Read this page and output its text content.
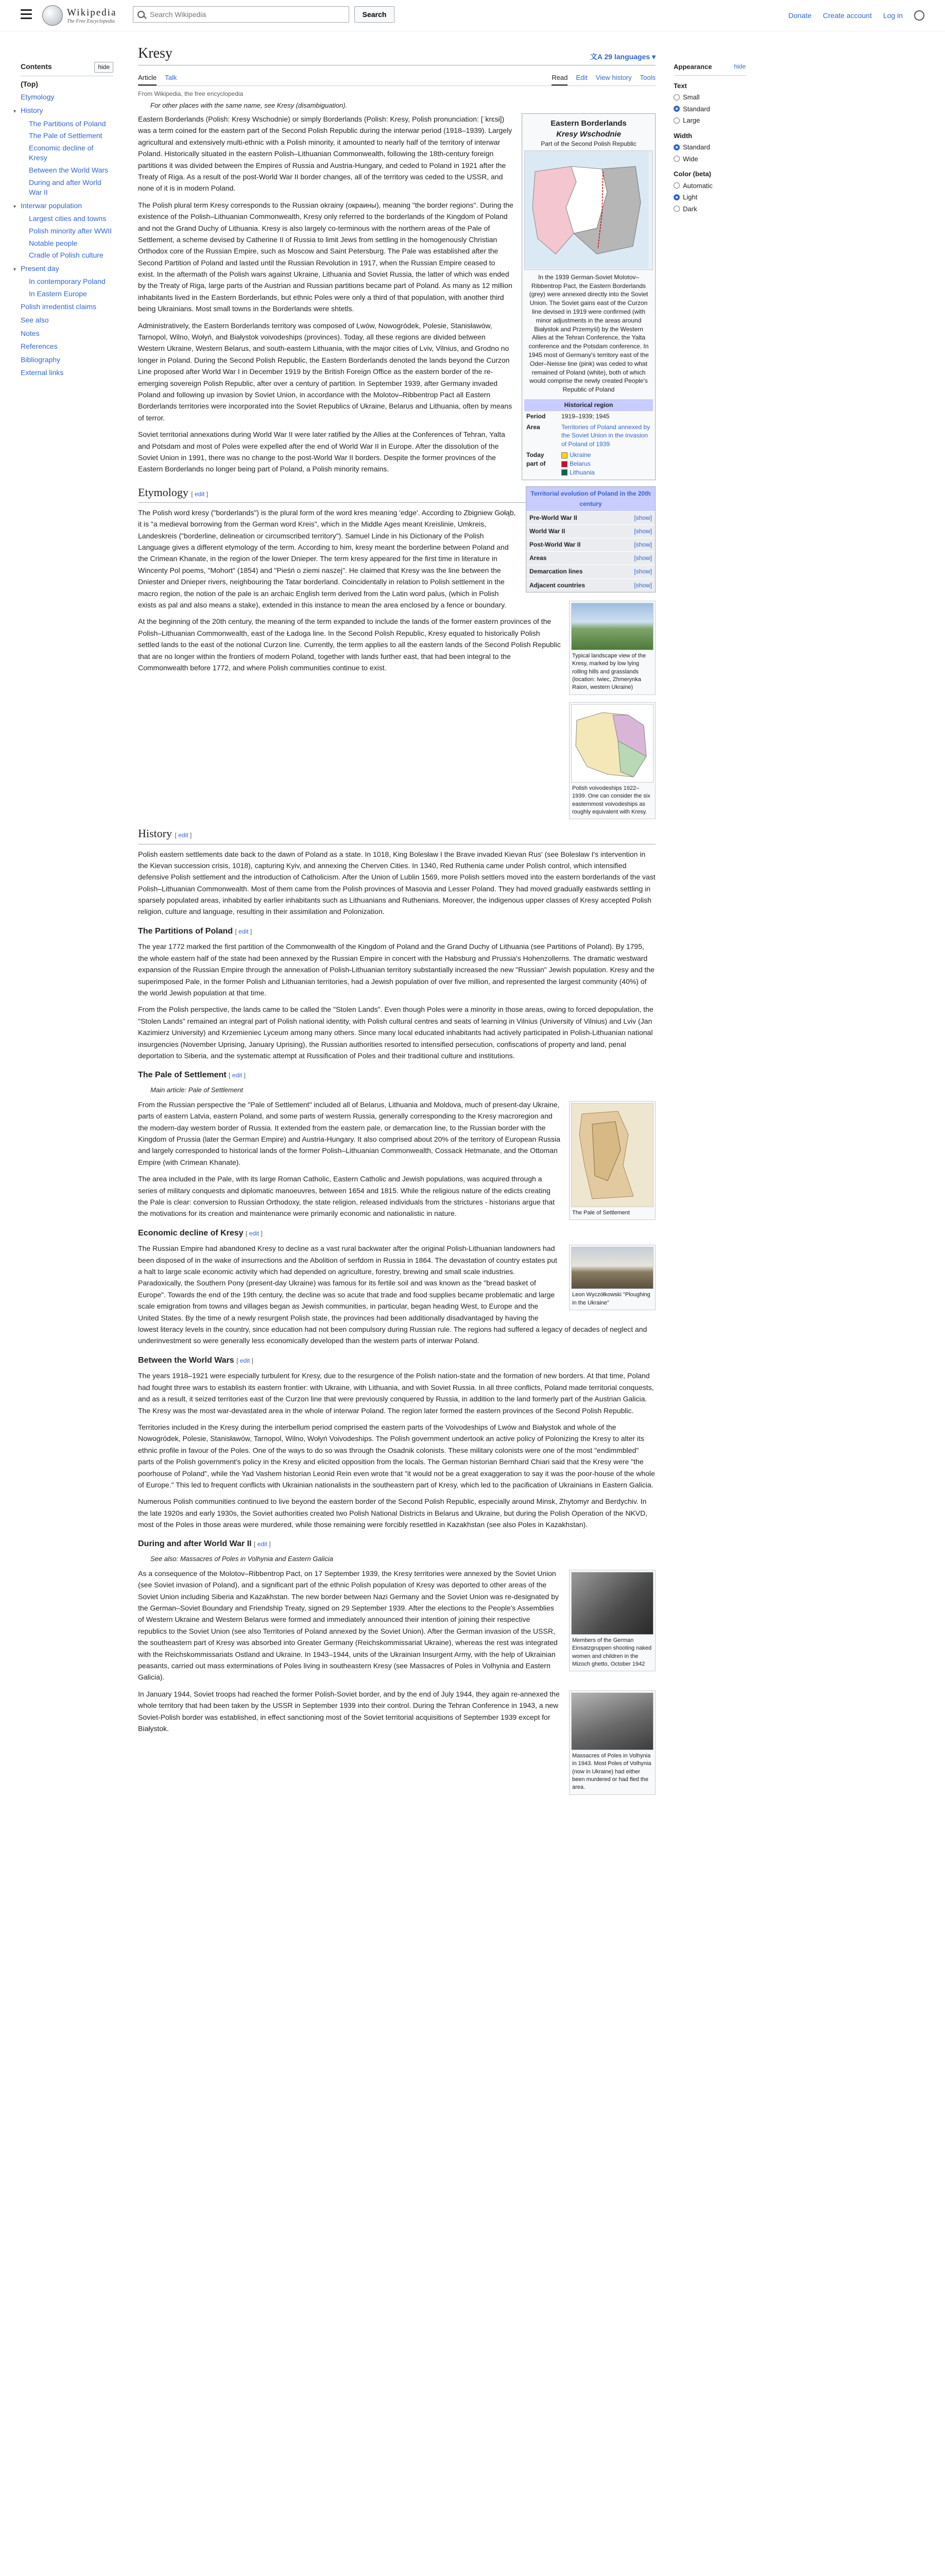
Wikipedia
The Free Encyclopedia
Search Wikipedia
Search	Donate Create account Log in
Contents	hide
(Top)
Etymology
▾ History
The Partitions of Poland
The Pale of Settlement
Economic decline of Kresy
Between the World Wars
During and after World War II
▾ Interwar population
Largest cities and towns
Polish minority after WWII
Notable people
Cradle of Polish culture
▾ Present day
In contemporary Poland
In Eastern Europe
Polish irredentist claims
See also
Notes
References
Bibliography
External links
Kresy	文A 29 languages ▾
Article Talk	Read Edit View history Tools
From Wikipedia, the free encyclopedia
For other places with the same name, see Kresy (disambiguation).
Eastern Borderlands
Kresy Wschodnie
Part of the Second Polish Republic
In the 1939 German-Soviet Molotov–Ribbentrop Pact, the Eastern Borderlands (grey) were annexed directly into the Soviet Union. The Soviet gains east of the Curzon line devised in 1919 were confirmed (with minor adjustments in the areas around Białystok and Przemyśl) by the Western Allies at the Tehran Conference, the Yalta conference and the Potsdam conference. In 1945 most of Germany's territory east of the Oder–Neisse line (pink) was ceded to what remained of Poland (white), both of which would comprise the newly created People's Republic of Poland
Historical region
Period	1919–1939; 1945
Area	Territories of Poland annexed by the Soviet Union in the invasion of Poland of 1939
Today part of	Ukraine
Belarus
Lithuania
Territorial evolution of Poland in the 20th century
Pre-World War II	[show]
World War II	[show]
Post-World War II	[show]
Areas	[show]
Demarcation lines	[show]
Adjacent countries	[show]

Eastern Borderlands (Polish: Kresy Wschodnie) or simply Borderlands (Polish: Kresy, Polish pronunciation: [ˈkrɛsɨ]) was a term coined for the eastern part of the Second Polish Republic during the interwar period (1918–1939). Largely agricultural and extensively multi-ethnic with a Polish minority, it amounted to nearly half of the territory of interwar Poland. Historically situated in the eastern Polish–Lithuanian Commonwealth, following the 18th-century foreign partitions it was divided between the Empires of Russia and Austria-Hungary, and ceded to Poland in 1921 after the Treaty of Riga. As a result of the post-World War II border changes, all of the territory was ceded to the USSR, and none of it is in modern Poland.

The Polish plural term Kresy corresponds to the Russian okrainy (окраины), meaning "the border regions". During the existence of the Polish–Lithuanian Commonwealth, Kresy only referred to the borderlands of the Kingdom of Poland and not the Grand Duchy of Lithuania. Kresy is also largely co-terminous with the northern areas of the Pale of Settlement, a scheme devised by Catherine II of Russia to limit Jews from settling in the homogenously Christian Orthodox core of the Russian Empire, such as Moscow and Saint Petersburg. The Pale was established after the Second Partition of Poland and lasted until the Russian Revolution in 1917, when the Russian Empire ceased to exist. In the aftermath of the Polish wars against Ukraine, Lithuania and Soviet Russia, the latter of which was ended by the Treaty of Riga, large parts of the Austrian and Russian partitions became part of Poland. As many as 12 million inhabitants lived in the Eastern Borderlands, but ethnic Poles were only a third of that population, with another third being Ukrainians. Most small towns in the Borderlands were shtetls.

Administratively, the Eastern Borderlands territory was composed of Lwów, Nowogródek, Polesie, Stanisławów, Tarnopol, Wilno, Wołyń, and Białystok voivodeships (provinces). Today, all these regions are divided between Western Ukraine, Western Belarus, and south-eastern Lithuania, with the major cities of Lviv, Vilnius, and Grodno no longer in Poland. During the Second Polish Republic, the Eastern Borderlands denoted the lands beyond the Curzon Line proposed after World War I in December 1919 by the British Foreign Office as the eastern border of the re-emerging sovereign Polish Republic, after over a century of partition. In September 1939, after Germany invaded Poland and following up invasion by Soviet Union, in accordance with the Molotov–Ribbentrop Pact all Eastern Borderlands territories were incorporated into the Soviet Republics of Ukraine, Belarus and Lithuania, often by means of terror.

Soviet territorial annexations during World War II were later ratified by the Allies at the Conferences of Tehran, Yalta and Potsdam and most of Poles were expelled after the end of World War II in Europe. After the dissolution of the Soviet Union in 1991, there was no change to the post-World War II borders. Despite the former provinces of the Eastern Borderlands no longer being part of Poland, a Polish minority remains.

Etymology [ edit ]
Typical landscape view of the Kresy, marked by low lying rolling hills and grasslands (location: Iwiec, Zhmerynka Raion, western Ukraine)

The Polish word kresy ("borderlands") is the plural form of the word kres meaning 'edge'. According to Zbigniew Gołąb, it is "a medieval borrowing from the German word Kreis", which in the Middle Ages meant Kreislinie, Umkreis, Landeskreis ("borderline, delineation or circumscribed territory"). Samuel Linde in his Dictionary of the Polish Language gives a different etymology of the term. According to him, kresy meant the borderline between Poland and the Crimean Khanate, in the region of the lower Dnieper. The term kresy appeared for the first time in literature in Wincenty Pol poems, "Mohort" (1854) and "Pieśń o ziemi naszej". He claimed that Kresy was the line between the Dniester and Dnieper rivers, neighbouring the Tatar borderland. Coincidentally in relation to Polish settlement in the macro region, the notion of the pale is an archaic English term derived from the Latin word palus, (which in Polish exists as pal and also means a stake), extended in this instance to mean the area enclosed by a fence or boundary.

Polish voivodeships 1922–1939. One can consider the six easternmost voivodeships as roughly equivalent with Kresy.

At the beginning of the 20th century, the meaning of the term expanded to include the lands of the former eastern provinces of the Polish–Lithuanian Commonwealth, east of the Ładoga line. In the Second Polish Republic, Kresy equated to historically Polish settled lands to the east of the notional Curzon line. Currently, the term applies to all the eastern lands of the Second Polish Republic that are no longer within the frontiers of modern Poland, together with lands further east, that had been integral to the Commonwealth before 1772, and where Polish communities continue to exist.

History [ edit ]

Polish eastern settlements date back to the dawn of Poland as a state. In 1018, King Bolesław I the Brave invaded Kievan Rus' (see Bolesław I's intervention in the Kievan succession crisis, 1018), capturing Kyiv, and annexing the Cherven Cities. In 1340, Red Ruthenia came under Polish control, which intensified defensive Polish settlement and the introduction of Catholicism. After the Union of Lublin 1569, more Polish settlers moved into the eastern borderlands of the vast Polish–Lithuanian Commonwealth. Most of them came from the Polish provinces of Masovia and Lesser Poland. They had moved gradually eastwards settling in sparsely populated areas, inhabited by earlier inhabitants such as Lithuanians and Ruthenians. Moreover, the indigenous upper classes of Kresy accepted Polish religion, culture and language, resulting in their assimilation and Polonization.

The Partitions of Poland [ edit ]

The year 1772 marked the first partition of the Commonwealth of the Kingdom of Poland and the Grand Duchy of Lithuania (see Partitions of Poland). By 1795, the whole eastern half of the state had been annexed by the Russian Empire in concert with the Habsburg and Prussia's Hohenzollerns. The dramatic westward expansion of the Russian Empire through the annexation of Polish-Lithuanian territory substantially increased the new "Russian" Jewish population. Kresy and the superimposed Pale, in the former Polish and Lithuanian territories, had a Jewish population of over five million, and represented the largest community (40%) of the world Jewish population at that time.

From the Polish perspective, the lands came to be called the "Stolen Lands". Even though Poles were a minority in those areas, owing to forced depopulation, the "Stolen Lands" remained an integral part of Polish national identity, with Polish cultural centres and seats of learning in Vilnius (University of Vilnius) and Lviv (Jan Kazimierz University) and Krzemieniec Lyceum among many others. Since many local educated inhabitants had actively participated in Polish-Lithuanian national insurgencies (November Uprising, January Uprising), the Russian authorities resorted to intensified persecution, confiscations of property and land, penal deportation to Siberia, and the systematic attempt at Russification of Poles and their traditional culture and institutions.

The Pale of Settlement [ edit ]
Main article: Pale of Settlement
The Pale of Settlement

From the Russian perspective the "Pale of Settlement" included all of Belarus, Lithuania and Moldova, much of present-day Ukraine, parts of eastern Latvia, eastern Poland, and some parts of western Russia, generally corresponding to the Kresy macroregion and the modern-day western border of Russia. It extended from the eastern pale, or demarcation line, to the Russian border with the Kingdom of Prussia (later the German Empire) and Austria-Hungary. It also comprised about 20% of the territory of European Russia and largely corresponded to historical lands of the former Polish–Lithuanian Commonwealth, Cossack Hetmanate, and the Ottoman Empire (with Crimean Khanate).

The area included in the Pale, with its large Roman Catholic, Eastern Catholic and Jewish populations, was acquired through a series of military conquests and diplomatic manoeuvres, between 1654 and 1815. While the religious nature of the edicts creating the Pale is clear: conversion to Russian Orthodoxy, the state religion, released individuals from the strictures - historians argue that the motivations for its creation and maintenance were primarily economic and nationalistic in nature.

Economic decline of Kresy [ edit ]
Leon Wyczółkowski "Ploughing in the Ukraine"

The Russian Empire had abandoned Kresy to decline as a vast rural backwater after the original Polish-Lithuanian landowners had been disposed of in the wake of insurrections and the Abolition of serfdom in Russia in 1864. The devastation of country estates put a halt to large scale economic activity which had depended on agriculture, forestry, brewing and small scale industries. Paradoxically, the Southern Pony (present-day Ukraine) was famous for its fertile soil and was known as the "bread basket of Europe". Towards the end of the 19th century, the decline was so acute that trade and food supplies became problematic and large scale emigration from towns and villages began as Jewish communities, in particular, began heading West, to Europe and the United States. By the time of a newly resurgent Polish state, the provinces had been additionally disadvantaged by having the lowest literacy levels in the country, since education had not been compulsory during Russian rule. The regions had suffered a legacy of decades of neglect and underinvestment so were generally less economically developed than the western parts of interwar Poland.

Between the World Wars [ edit ]

The years 1918–1921 were especially turbulent for Kresy, due to the resurgence of the Polish nation-state and the formation of new borders. At that time, Poland had fought three wars to establish its eastern frontier: with Ukraine, with Lithuania, and with Soviet Russia. In all three conflicts, Poland made territorial conquests, and as a result, it seized territories east of the Curzon line that were previously conquered by Russia, in addition to the land formerly part of the Austrian Galicia. The Kresy was the most war-devastated area in the whole of interwar Poland. The region later formed the eastern provinces of the Second Polish Republic.

Territories included in the Kresy during the interbellum period comprised the eastern parts of the Voivodeships of Lwów and Białystok and whole of the Nowogródek, Polesie, Stanisławów, Tarnopol, Wilno, Wołyń Voivodeships. The Polish government undertook an active policy of Polonizing the Kresy to alter its ethnic profile in favour of the Poles. One of the ways to do so was through the Osadnik colonists. These military colonists were one of the most "endimmbled" parts of the Polish government's policy in the Kresy and elicited opposition from the locals. The German historian Bernhard Chiari said that the Kresy were "the poorhouse of Poland", while the Yad Vashem historian Leonid Rein even wrote that "it would not be a great exaggeration to say it was the poor-house of the whole of Europe." This led to frequent conflicts with Ukrainian nationalists in the southeastern part of Kresy, which led to the pacification of Ukrainians in Eastern Galicia.

Numerous Polish communities continued to live beyond the eastern border of the Second Polish Republic, especially around Minsk, Zhytomyr and Berdychiv. In the late 1920s and early 1930s, the Soviet authorities created two Polish National Districts in Belarus and Ukraine, but during the Polish Operation of the NKVD, most of the Poles in those areas were murdered, while those remaining were forcibly resettled in Kazakhstan (see also Poles in Kazakhstan).

During and after World War II [ edit ]
See also: Massacres of Poles in Volhynia and Eastern Galicia
Members of the German Einsatzgruppen shooting naked women and children in the Mizoch ghetto, October 1942

As a consequence of the Molotov–Ribbentrop Pact, on 17 September 1939, the Kresy territories were annexed by the Soviet Union (see Soviet invasion of Poland), and a significant part of the ethnic Polish population of Kresy was deported to other areas of the Soviet Union including Siberia and Kazakhstan. The new border between Nazi Germany and the Soviet Union was re-designated by the German–Soviet Boundary and Friendship Treaty, signed on 29 September 1939. After the elections to the People's Assemblies of Western Ukraine and Western Belarus were formed and immediately announced their intention of joining their respective republics to the Soviet Union (see also Territories of Poland annexed by the Soviet Union). After the German invasion of the USSR, the southeastern part of Kresy was absorbed into Greater Germany (Reichskommissariat Ukraine), whereas the rest was integrated with the Reichskommissariats Ostland and Ukraine. In 1943–1944, units of the Ukrainian Insurgent Army, with the help of Ukrainian peasants, carried out mass exterminations of Poles living in southeastern Kresy (see Massacres of Poles in Volhynia and Eastern Galicia).

Massacres of Poles in Volhynia in 1943. Most Poles of Volhynia (now in Ukraine) had either been murdered or had fled the area.

In January 1944, Soviet troops had reached the former Polish-Soviet border, and by the end of July 1944, they again re-annexed the whole territory that had been taken by the USSR in September 1939 into their control. During the Tehran Conference in 1943, a new Soviet-Polish border was established, in effect sanctioning most of the Soviet territorial acquisitions of September 1939 except for Białystok.

Appearance	hide
Text
Small
Standard
Large
Width
Standard
Wide
Color (beta)
Automatic
Light
Dark
